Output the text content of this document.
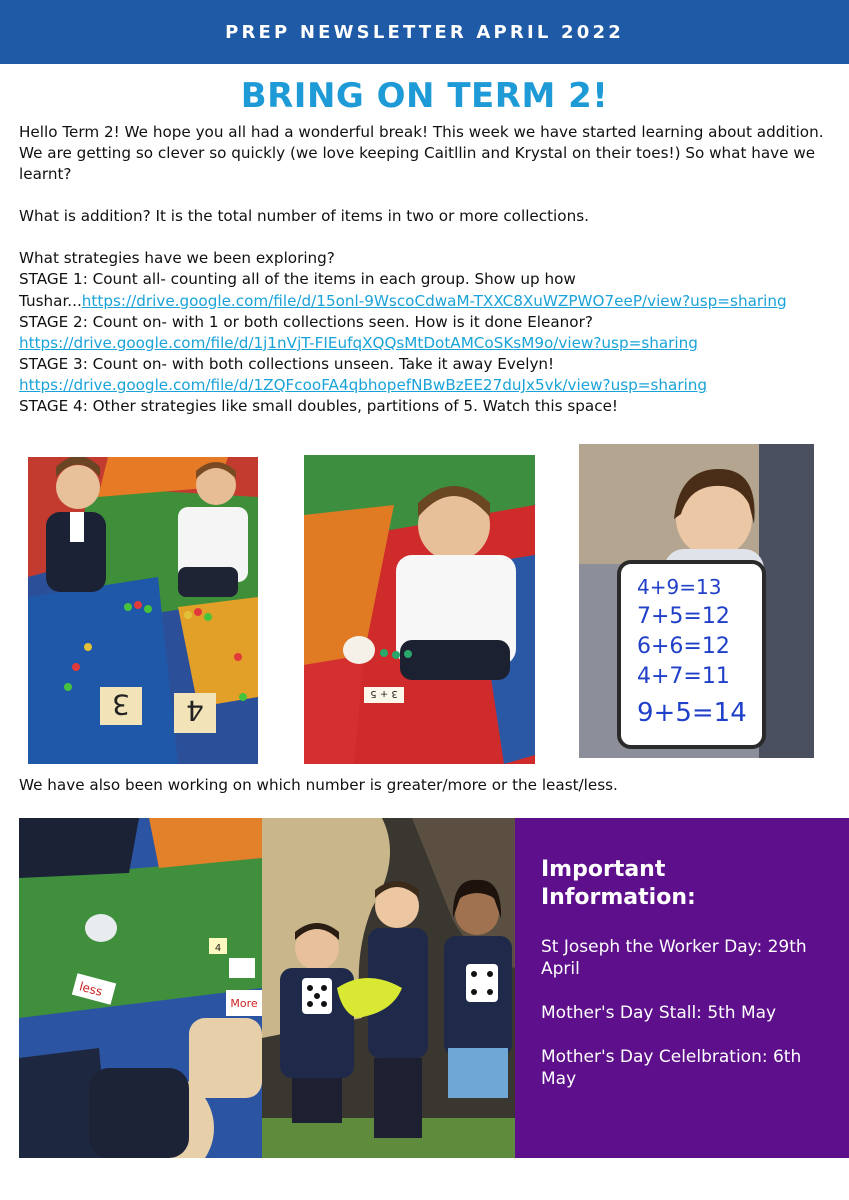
PREP NEWSLETTER APRIL 2022
BRING ON TERM 2!

Hello Term 2! We hope you all had a wonderful break! This week we have started learning about addition. We are getting so clever so quickly (we love keeping Caitllin and Krystal on their toes!) So what have we learnt?

What is addition? It is the total number of items in two or more collections.

What strategies have we been exploring?

STAGE 1: Count all- counting all of the items in each group. Show up how Tushar...https://drive.google.com/file/d/15onl-9WscoCdwaM-TXXC8XuWZPWO7eeP/view?usp=sharing

STAGE 2: Count on- with 1 or both collections seen. How is it done Eleanor?
https://drive.google.com/file/d/1j1nVjT-FIEufqXQQsMtDotAMCoSKsM9o/view?usp=sharing

STAGE 3: Count on- with both collections unseen. Take it away Evelyn!
https://drive.google.com/file/d/1ZQFcooFA4qbhopefNBwBzEE27duJx5vk/view?usp=sharing

STAGE 4: Other strategies like small doubles, partitions of 5. Watch this space!

3 4
3 + 5
4+9=13
7+5=12
6+6=12
4+7=11
9+5=14
We have also been working on which number is greater/more or the least/less.
less
More
4
Important Information:
St Joseph the Worker Day: 29th April
Mother's Day Stall: 5th May
Mother's Day Celelbration: 6th May
